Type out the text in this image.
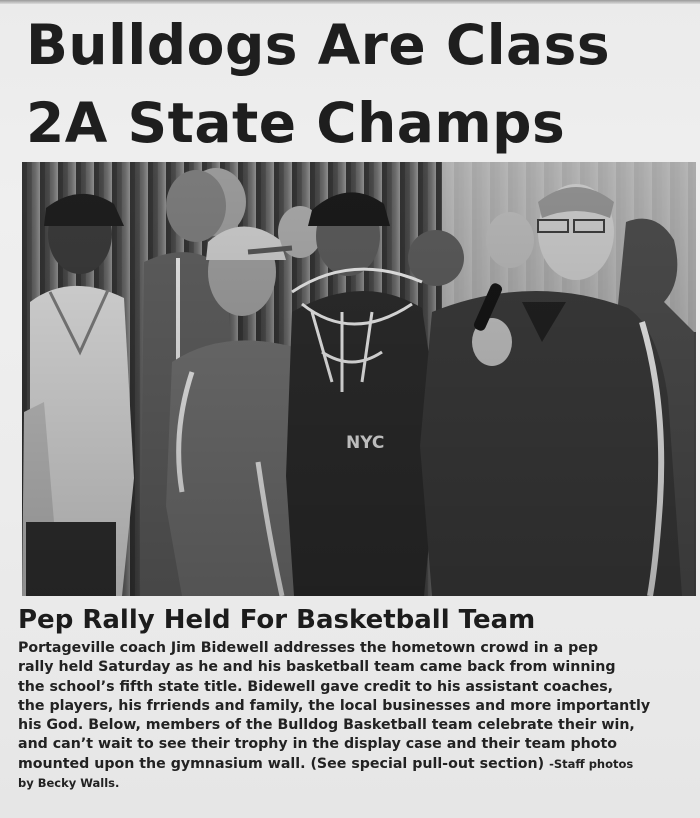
Bulldogs Are Class
2A State Champs
Pep Rally Held For Basketball Team

Portageville coach Jim Bidewell addresses the hometown crowd in a pep
rally held Saturday as he and his basketball team came back from winning
the school’s fifth state title. Bidewell gave credit to his assistant coaches,
the players, his frriends and family, the local businesses and more importantly
his God. Below, members of the Bulldog Basketball team celebrate their win,
and can’t wait to see their trophy in the display case and their team photo
mounted upon the gymnasium wall. (See special pull-out section) -Staff photos
by Becky Walls.
